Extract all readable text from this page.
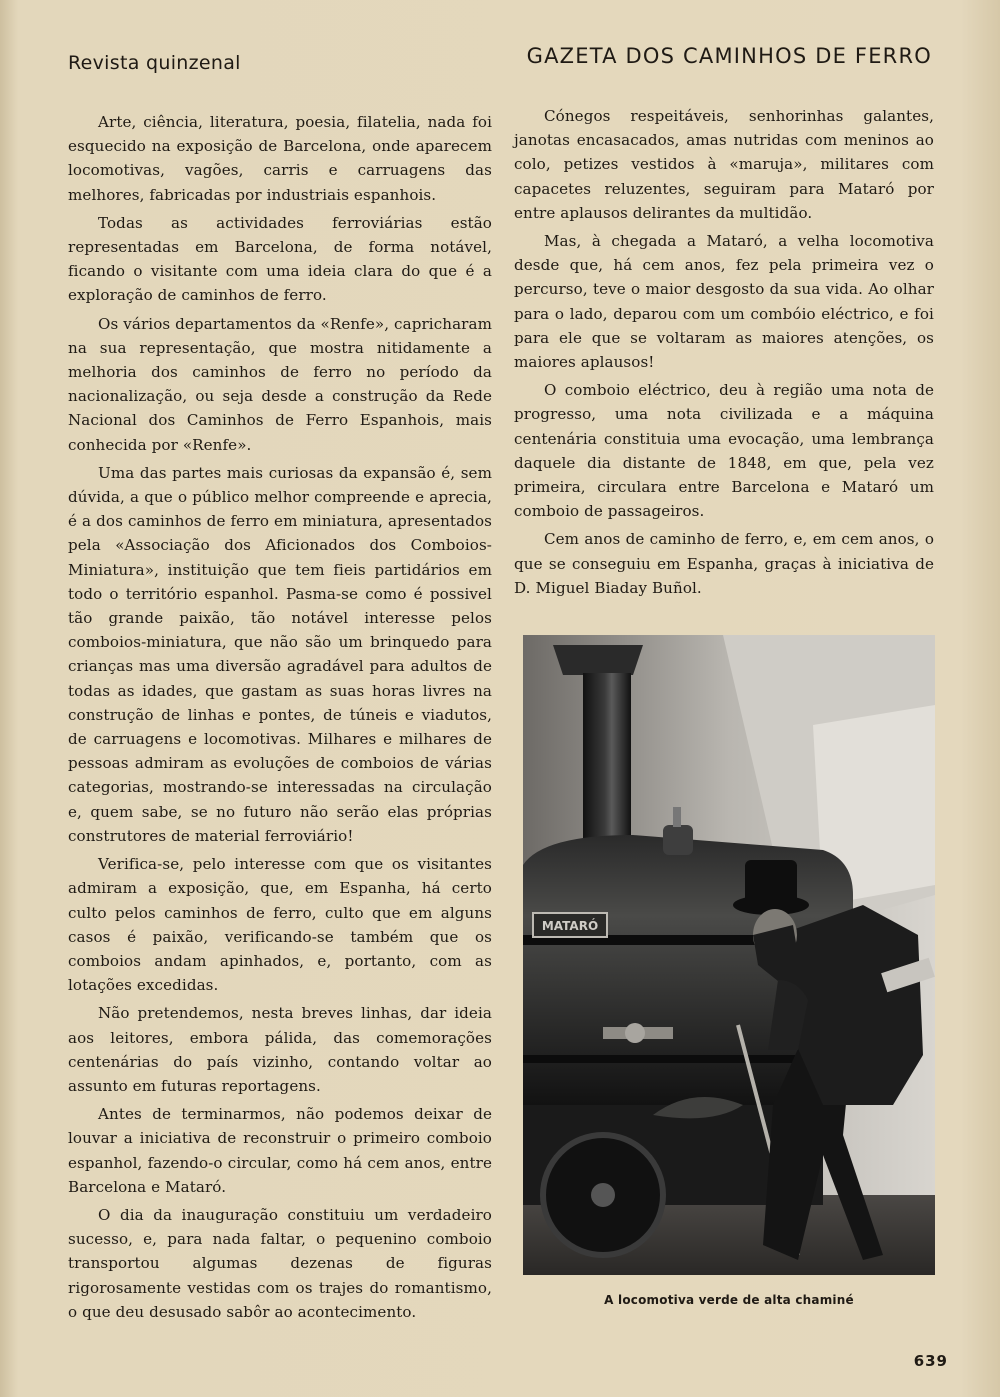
Revista quinzenal	GAZETA DOS CAMINHOS DE FERRO

Arte, ciência, literatura, poesia, filatelia, nada foi esquecido na exposição de Barcelona, onde aparecem locomotivas, vagões, carris e carruagens das melhores, fabricadas por industriais espanhois.

Todas as actividades ferroviárias estão representadas em Barcelona, de forma notável, ficando o visitante com uma ideia clara do que é a exploração de caminhos de ferro.

Os vários departamentos da «Renfe», capricharam na sua representação, que mostra nitidamente a melhoria dos caminhos de ferro no período da nacionalização, ou seja desde a construção da Rede Nacional dos Caminhos de Ferro Espanhois, mais conhecida por «Renfe».

Uma das partes mais curiosas da expansão é, sem dúvida, a que o público melhor compreende e aprecia, é a dos caminhos de ferro em miniatura, apresentados pela «Associação dos Aficionados dos Comboios-Miniatura», instituição que tem fieis partidários em todo o território espanhol. Pasma-se como é possivel tão grande paixão, tão notável interesse pelos comboios-miniatura, que não são um brinquedo para crianças mas uma diversão agradável para adultos de todas as idades, que gastam as suas horas livres na construção de linhas e pontes, de túneis e viadutos, de carruagens e locomotivas. Milhares e milhares de pessoas admiram as evoluções de comboios de várias categorias, mostrando-se interessadas na circulação e, quem sabe, se no futuro não serão elas próprias construtores de material ferroviário!

Verifica-se, pelo interesse com que os visitantes admiram a exposição, que, em Espanha, há certo culto pelos caminhos de ferro, culto que em alguns casos é paixão, verificando-se também que os comboios andam apinhados, e, portanto, com as lotações excedidas.

Não pretendemos, nesta breves linhas, dar ideia aos leitores, embora pálida, das comemorações centenárias do país vizinho, contando voltar ao assunto em futuras reportagens.

Antes de terminarmos, não podemos deixar de louvar a iniciativa de reconstruir o primeiro comboio espanhol, fazendo-o circular, como há cem anos, entre Barcelona e Mataró.

O dia da inauguração constituiu um verdadeiro sucesso, e, para nada faltar, o pequenino comboio transportou algumas dezenas de figuras rigorosamente vestidas com os trajes do romantismo, o que deu desusado sabôr ao acontecimento.

Cónegos respeitáveis, senhorinhas galantes, janotas encasacados, amas nutridas com meninos ao colo, petizes vestidos à «maruja», militares com capacetes reluzentes, seguiram para Mataró por entre aplausos delirantes da multidão.

Mas, à chegada a Mataró, a velha locomotiva desde que, há cem anos, fez pela primeira vez o percurso, teve o maior desgosto da sua vida. Ao olhar para o lado, deparou com um combóio eléctrico, e foi para ele que se voltaram as maiores atenções, os maiores aplausos!

O comboio eléctrico, deu à região uma nota de progresso, uma nota civilizada e a máquina centenária constituia uma evocação, uma lembrança daquele dia distante de 1848, em que, pela vez primeira, circulara entre Barcelona e Mataró um comboio de passageiros.

Cem anos de caminho de ferro, e, em cem anos, o que se conseguiu em Espanha, graças à iniciativa de D. Miguel Biaday Buñol.

MATARÓ
A locomotiva verde de alta chaminé
639
